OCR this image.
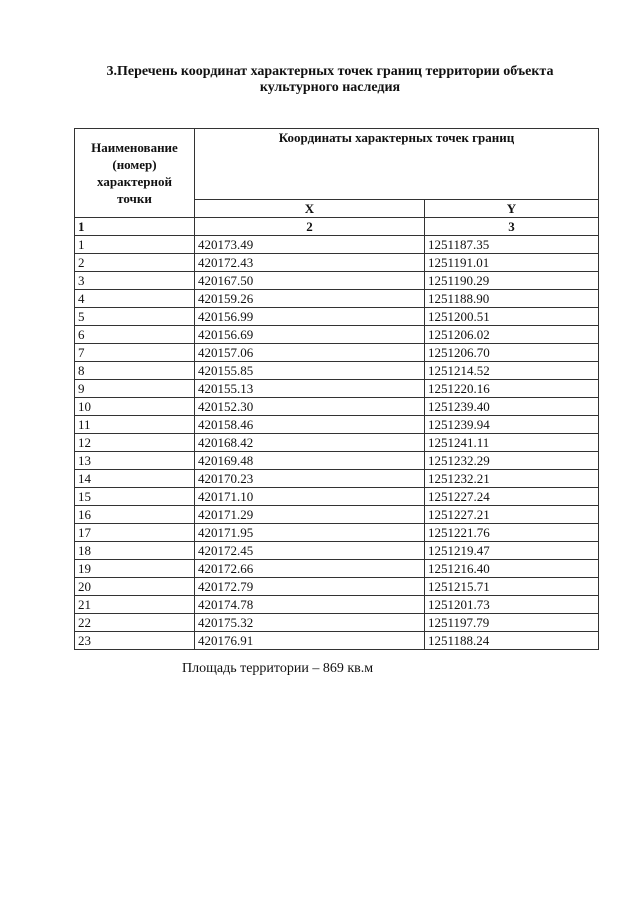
3.Перечень координат характерных точек границ территории объекта
культурного наследия
Наименование
(номер)
характерной
точки	Координаты характерных точек границ	
	X	Y
1	2	3
1	420173.49	1251187.35
2	420172.43	1251191.01
3	420167.50	1251190.29
4	420159.26	1251188.90
5	420156.99	1251200.51
6	420156.69	1251206.02
7	420157.06	1251206.70
8	420155.85	1251214.52
9	420155.13	1251220.16
10	420152.30	1251239.40
11	420158.46	1251239.94
12	420168.42	1251241.11
13	420169.48	1251232.29
14	420170.23	1251232.21
15	420171.10	1251227.24
16	420171.29	1251227.21
17	420171.95	1251221.76
18	420172.45	1251219.47
19	420172.66	1251216.40
20	420172.79	1251215.71
21	420174.78	1251201.73
22	420175.32	1251197.79
23	420176.91	1251188.24
Площадь территории – 869 кв.м
